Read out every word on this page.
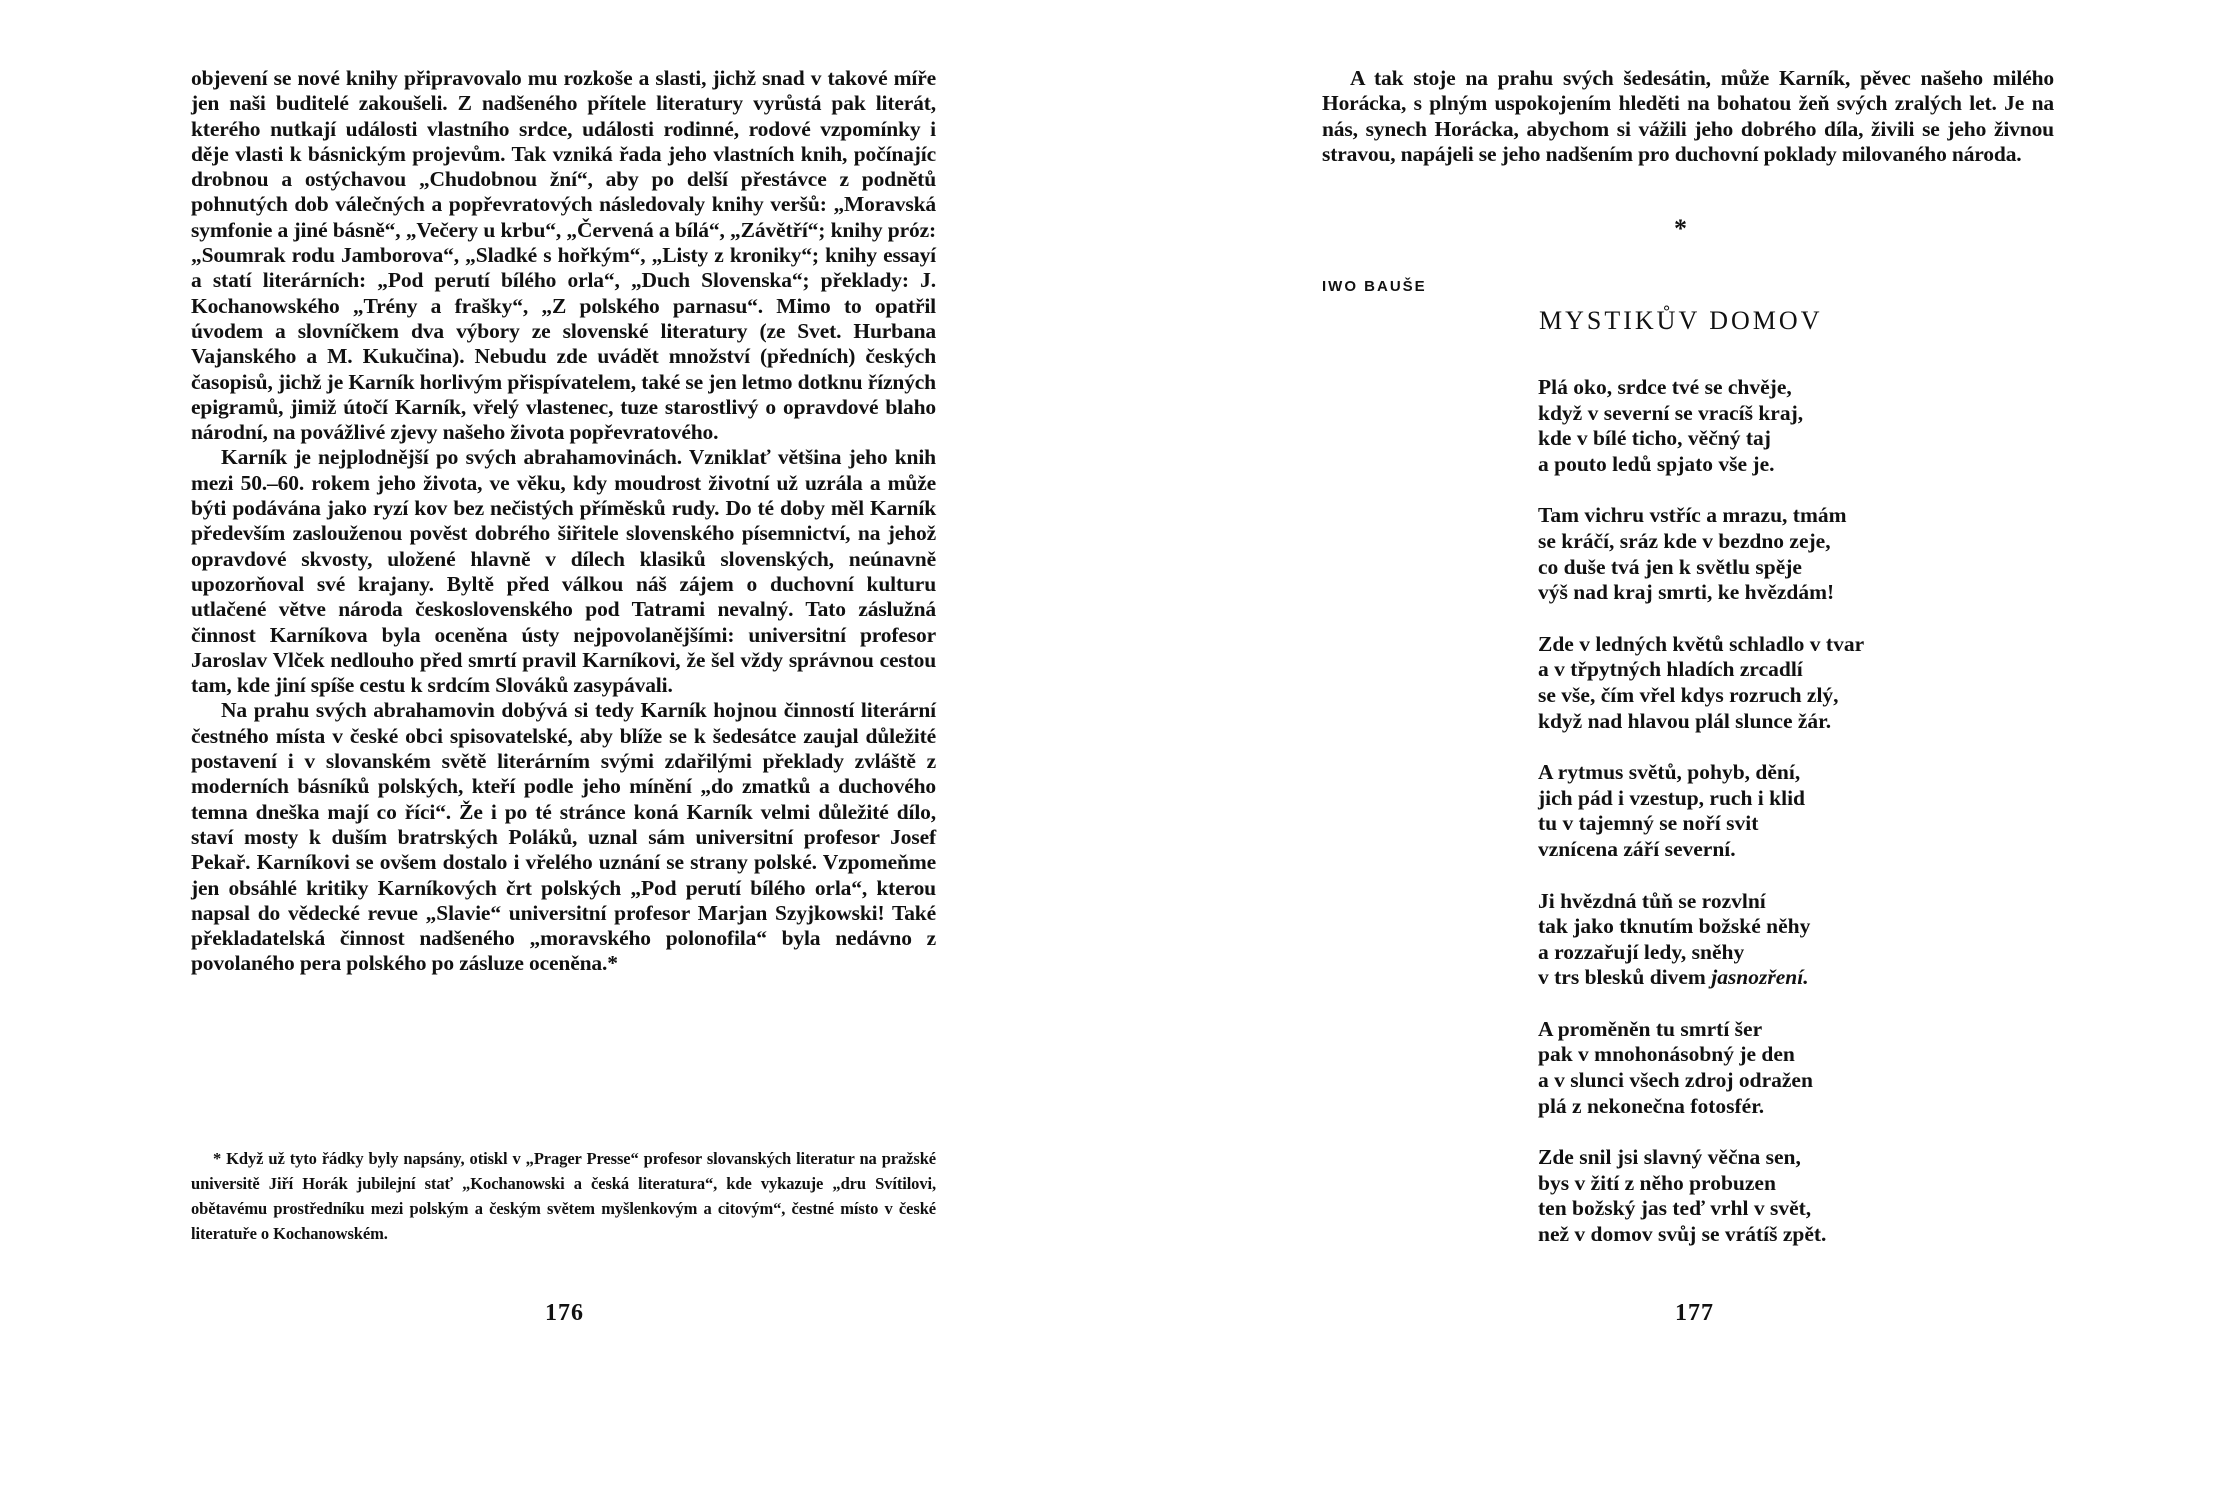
objevení se nové knihy připravovalo mu rozkoše a slasti, jichž snad v takové míře jen naši buditelé zakoušeli. Z nadšeného přítele literatury vyrůstá pak literát, kterého nutkají události vlastního srdce, události rodinné, rodové vzpomínky i děje vlasti k básnickým projevům. Tak vzniká řada jeho vlastních knih, počínajíc drobnou a ostýchavou „Chudobnou žní“, aby po delší přestávce z podnětů pohnutých dob válečných a popřevratových následovaly knihy veršů: „Moravská symfonie a jiné básně“, „Večery u krbu“, „Červená a bílá“, „Závětří“; knihy próz: „Soumrak rodu Jamborova“, „Sladké s hořkým“, „Listy z kroniky“; knihy essayí a statí literárních: „Pod perutí bílého orla“, „Duch Slovenska“; překlady: J. Kochanowského „Trény a frašky“, „Z polského parnasu“. Mimo to opatřil úvodem a slovníčkem dva výbory ze slovenské literatury (ze Svet. Hurbana Vajanského a M. Kukučina). Nebudu zde uvádět množství (předních) českých časopisů, jichž je Karník horlivým přispívatelem, také se jen letmo dotknu řízných epigramů, jimiž útočí Karník, vřelý vlastenec, tuze starostlivý o opravdové blaho národní, na povážlivé zjevy našeho života popřevratového.

Karník je nejplodnější po svých abrahamovinách. Vzniklať většina jeho knih mezi 50.–60. rokem jeho života, ve věku, kdy moudrost životní už uzrála a může býti podávána jako ryzí kov bez nečistých příměsků rudy. Do té doby měl Karník především zaslouženou pověst dobrého šiřitele slovenského písemnictví, na jehož opravdové skvosty, uložené hlavně v dílech klasiků slovenských, neúnavně upozorňoval své krajany. Byltě před válkou náš zájem o duchovní kulturu utlačené větve národa československého pod Tatrami nevalný. Tato záslužná činnost Karníkova byla oceněna ústy nejpovolanějšími: universitní profesor Jaroslav Vlček nedlouho před smrtí pravil Karníkovi, že šel vždy správnou cestou tam, kde jiní spíše cestu k srdcím Slováků zasypávali.

Na prahu svých abrahamovin dobývá si tedy Karník hojnou činností literární čestného místa v české obci spisovatelské, aby blíže se k šedesátce zaujal důležité postavení i v slovanském světě literárním svými zdařilými překlady zvláště z moderních básníků polských, kteří podle jeho mínění „do zmatků a duchového temna dneška mají co říci“. Že i po té stránce koná Karník velmi důležité dílo, staví mosty k duším bratrských Poláků, uznal sám universitní profesor Josef Pekař. Karníkovi se ovšem dostalo i vřelého uznání se strany polské. Vzpomeňme jen obsáhlé kritiky Karníkových črt polských „Pod perutí bílého orla“, kterou napsal do vědecké revue „Slavie“ universitní profesor Marjan Szyjkowski! Také překladatelská činnost nadšeného „moravského polonofila“ byla nedávno z povolaného pera polského po zásluze oceněna.*

* Když už tyto řádky byly napsány, otiskl v „Prager Presse“ profesor slovanských literatur na pražské universitě Jiří Horák jubilejní stať „Kochanowski a česká literatura“, kde vykazuje „dru Svítilovi, obětavému prostředníku mezi polským a českým světem myšlenkovým a citovým“, čestné místo v české literatuře o Kochanowském.
176
A tak stoje na prahu svých šedesátin, může Karník, pěvec našeho milého Horácka, s plným uspokojením hleděti na bohatou žeň svých zralých let. Je na nás, synech Horácka, abychom si vážili jeho dobrého díla, živili se jeho živnou stravou, napájeli se jeho nadšením pro duchovní poklady milovaného národa.
*
IWO BAUŠE
MYSTIKŮV DOMOV
Plá oko, srdce tvé se chvěje,
když v severní se vracíš kraj,
kde v bílé ticho, věčný taj
a pouto ledů spjato vše je.
Tam vichru vstříc a mrazu, tmám
se kráčí, sráz kde v bezdno zeje,
co duše tvá jen k světlu spěje
výš nad kraj smrti, ke hvězdám!
Zde v ledných květů schladlo v tvar
a v třpytných hladích zrcadlí
se vše, čím vřel kdys rozruch zlý,
když nad hlavou plál slunce žár.
A rytmus světů, pohyb, dění,
jich pád i vzestup, ruch i klid
tu v tajemný se noří svit
vznícena září severní.
Ji hvězdná tůň se rozvlní
tak jako tknutím božské něhy
a rozzařují ledy, sněhy
v trs blesků divem jasnozření.
A proměněn tu smrtí šer
pak v mnohonásobný je den
a v slunci všech zdroj odražen
plá z nekonečna fotosfér.
Zde snil jsi slavný věčna sen,
bys v žití z něho probuzen
ten božský jas teď vrhl v svět,
než v domov svůj se vrátíš zpět.
177
